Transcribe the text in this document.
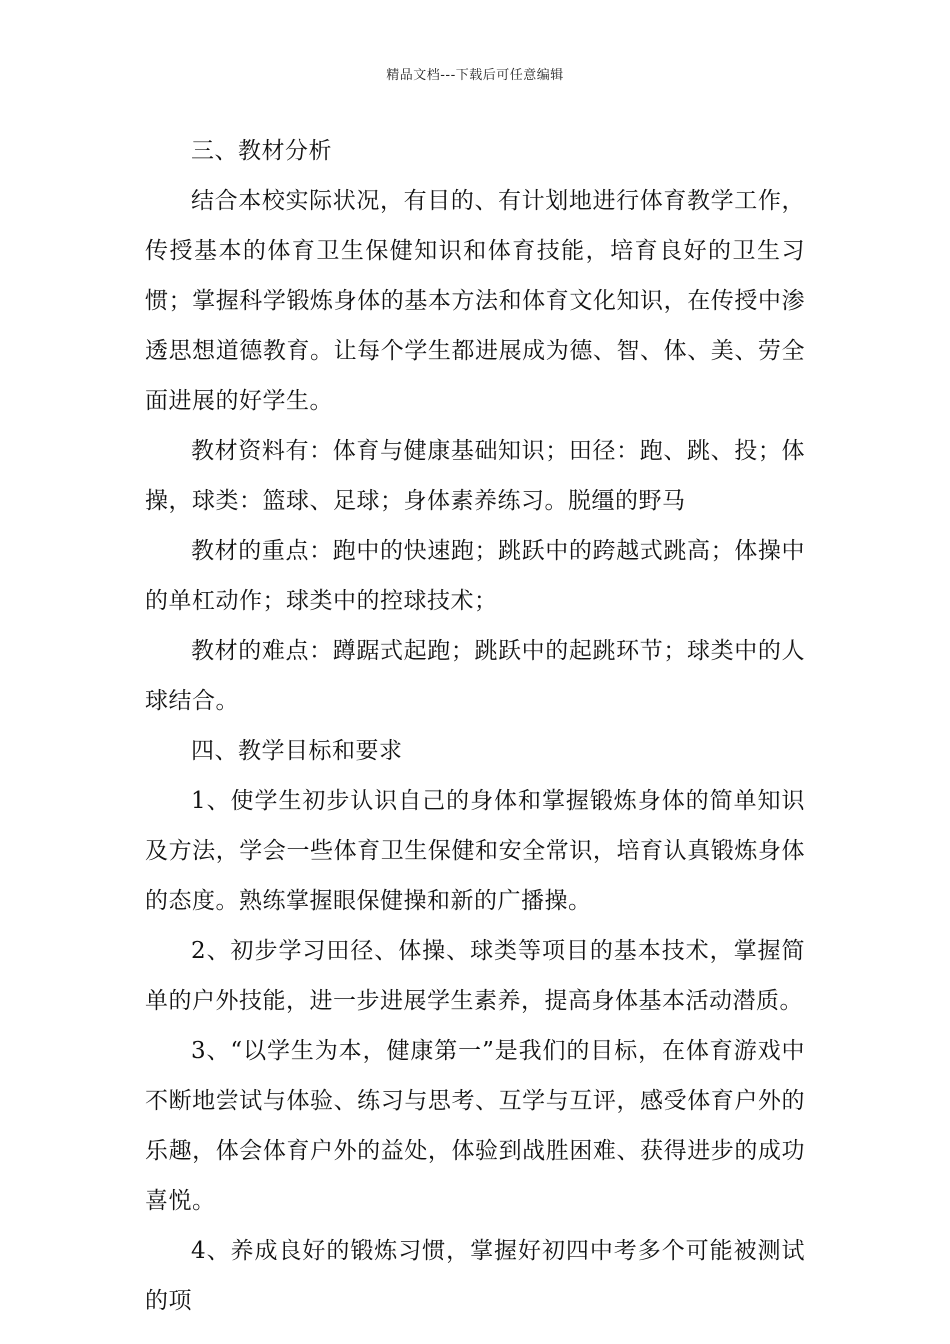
精品文档---下载后可任意编辑

三、教材分析

结合本校实际状况，有目的、有计划地进行体育教学工作，传授基本的体育卫生保健知识和体育技能，培育良好的卫生习惯；掌握科学锻炼身体的基本方法和体育文化知识，在传授中渗透思想道德教育。让每个学生都进展成为德、智、体、美、劳全面进展的好学生。

教材资料有：体育与健康基础知识；田径：跑、跳、投；体操，球类：篮球、足球；身体素养练习。脱缰的野马

教材的重点：跑中的快速跑；跳跃中的跨越式跳高；体操中的单杠动作；球类中的控球技术；

教材的难点：蹲踞式起跑；跳跃中的起跳环节；球类中的人球结合。

四、教学目标和要求

1、使学生初步认识自己的身体和掌握锻炼身体的简单知识及方法，学会一些体育卫生保健和安全常识，培育认真锻炼身体的态度。熟练掌握眼保健操和新的广播操。

2、初步学习田径、体操、球类等项目的基本技术，掌握简单的户外技能，进一步进展学生素养，提高身体基本活动潜质。

3、“以学生为本，健康第一”是我们的目标，在体育游戏中不断地尝试与体验、练习与思考、互学与互评，感受体育户外的乐趣，体会体育户外的益处，体验到战胜困难、获得进步的成功喜悦。

4、养成良好的锻炼习惯，掌握好初四中考多个可能被测试的项
